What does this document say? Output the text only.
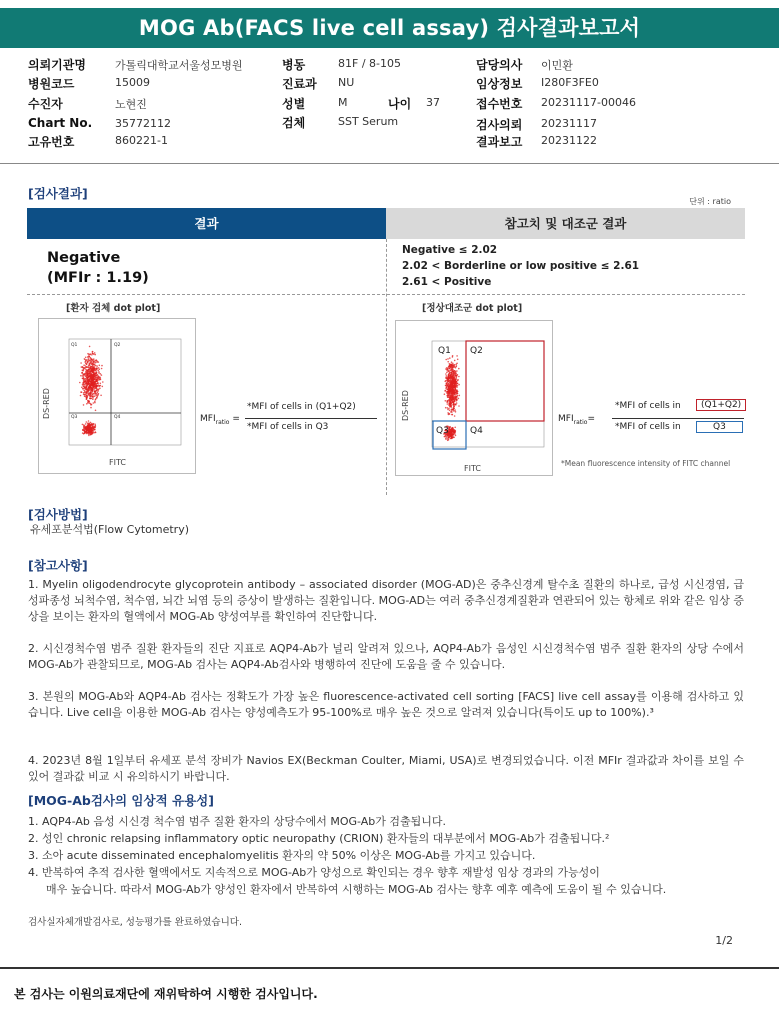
MOG Ab(FACS live cell assay) 검사결과보고서
의뢰기관명	가톨릭대학교서울성모병원
병원코드	15009
수진자	노현진
Chart No. 35772112
고유번호	860221-1
병동	81F / 8-105
진료과 NU
성별	M	나이 37
검체	SST Serum
담당의사 이민환
임상정보 I280F3FE0
접수번호 20231117-00046
검사의뢰 20231117
결과보고 20231122
[검사결과]
단위 : ratio
결과	참고치 및 대조군 결과
Negative
(MFIr : 1.19)
Negative ≤ 2.02
2.02 < Borderline or low positive ≤ 2.61
2.61 < Positive
[환자 검체 dot plot]
Q1	Q2
Q3	Q4
DS-RED
FITC
$MFI_{ratio}$ =
*MFI of cells in (Q1+Q2)
*MFI of cells in Q3
[정상대조군 dot plot]
Q1 Q2
Q3 Q4
DS-RED
FITC
$MFI_{ratio}=$
*MFI of cells in	(Q1+Q2)
*MFI of cells in	Q3
*Mean fluorescence intensity of FITC channel
[검사방법]
유세포분석법(Flow Cytometry)
[참고사항]
1. Myelin oligodendrocyte glycoprotein antibody – associated disorder (MOG-AD)은 중추신경계 탈수초 질환의 하나로, 급성 시신경염, 급성파종성 뇌척수염, 척수염, 뇌간 뇌염 등의 증상이 발생하는 질환입니다. MOG-AD는 여러 중추신경계질환과 연관되어 있는 항체로 위와 같은 임상 증상을 보이는 환자의 혈액에서 MOG-Ab 양성여부를 확인하여 진단합니다.
2. 시신경척수염 범주 질환 환자들의 진단 지표로 AQP4-Ab가 널리 알려져 있으나, AQP4-Ab가 음성인 시신경척수염 범주 질환 환자의 상당 수에서 MOG-Ab가 관찰되므로, MOG-Ab 검사는 AQP4-Ab검사와 병행하여 진단에 도움을 줄 수 있습니다.
3. 본원의 MOG-Ab와 AQP4-Ab 검사는 정확도가 가장 높은 fluorescence-activated cell sorting [FACS] live cell assay를 이용해 검사하고 있습니다. Live cell을 이용한 MOG-Ab 검사는 양성예측도가 95-100%로 매우 높은 것으로 알려져 있습니다(특이도 up to 100%).³
4. 2023년 8월 1일부터 유세포 분석 장비가 Navios EX(Beckman Coulter, Miami, USA)로 변경되었습니다. 이전 MFIr 결과값과 차이를 보일 수 있어 결과값 비교 시 유의하시기 바랍니다.
[MOG-Ab검사의 임상적 유용성]
1. AQP4-Ab 음성 시신경 척수염 범주 질환 환자의 상당수에서 MOG-Ab가 검출됩니다.
2. 성인 chronic relapsing inflammatory optic neuropathy (CRION) 환자들의 대부분에서 MOG-Ab가 검출됩니다.²
3. 소아 acute disseminated encephalomyelitis 환자의 약 50% 이상은 MOG-Ab를 가지고 있습니다.
4. 반복하여 추적 검사한 혈액에서도 지속적으로 MOG-Ab가 양성으로 확인되는 경우 향후 재발성 임상 경과의 가능성이
매우 높습니다. 따라서 MOG-Ab가 양성인 환자에서 반복하여 시행하는 MOG-Ab 검사는 향후 예후 예측에 도움이 될 수 있습니다.
검사실자체개발검사로, 성능평가를 완료하였습니다.
1/2
본 검사는 이원의료재단에 재위탁하여 시행한 검사입니다.
